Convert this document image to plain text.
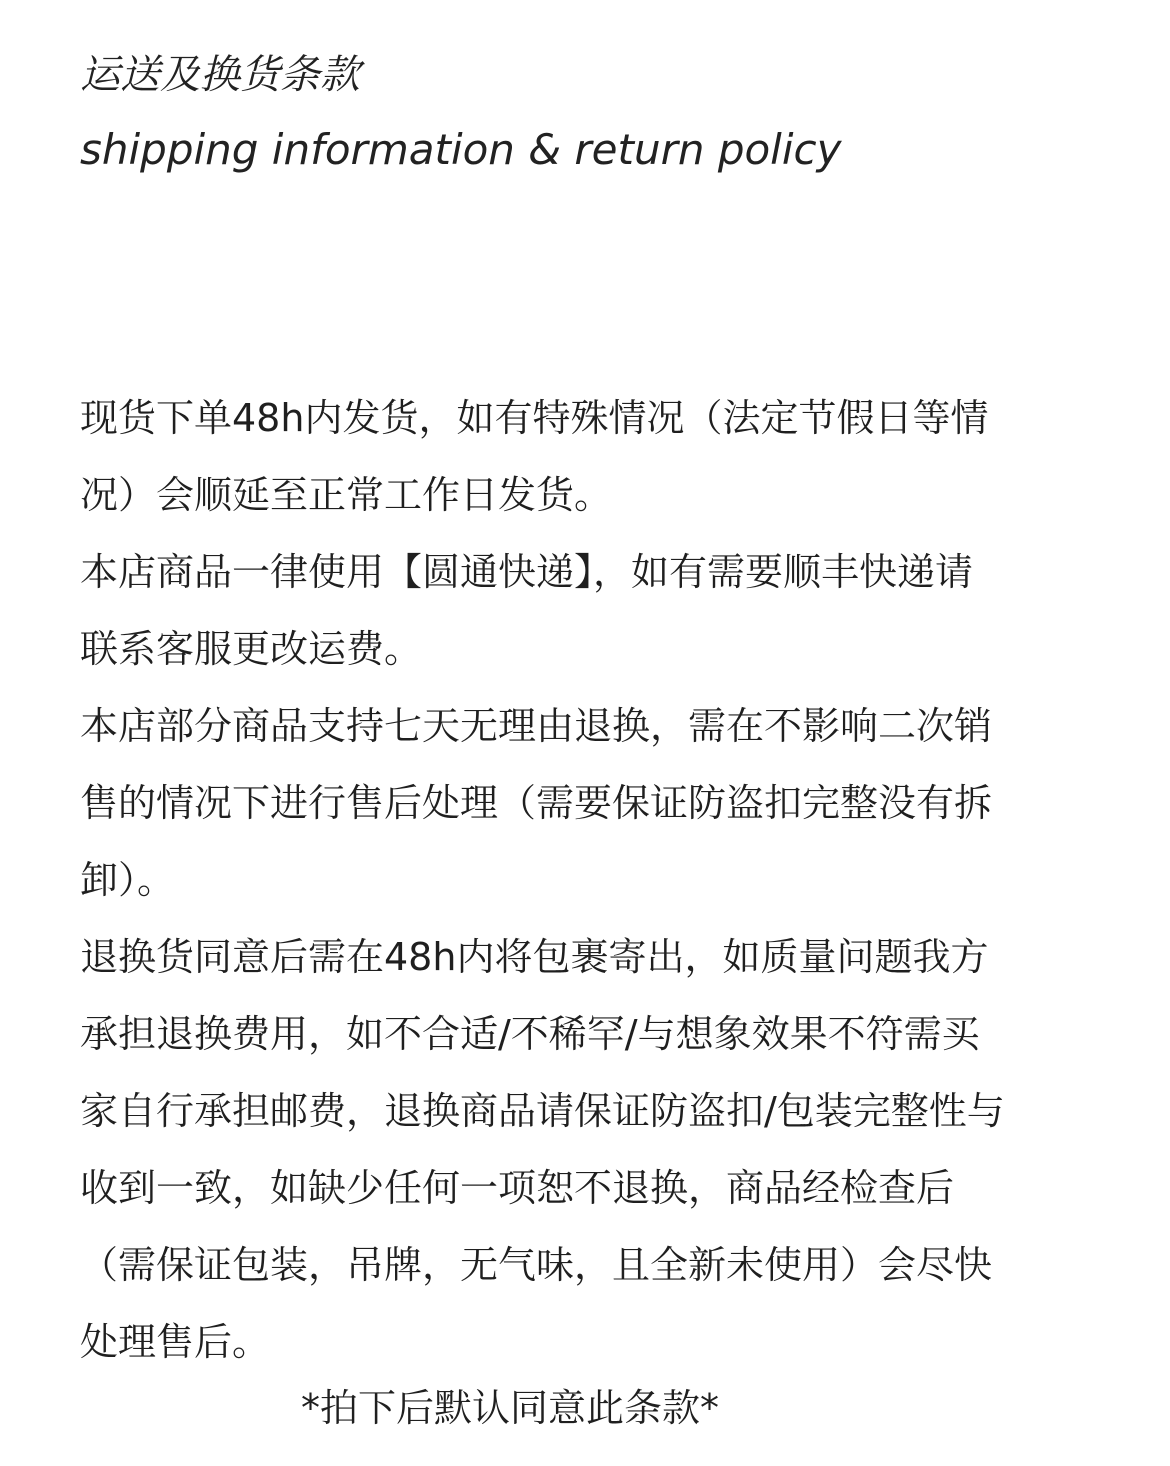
运送及换货条款
shipping information & return policy
现货下单48h内发货，如有特殊情况（法定节假日等情
况）会顺延至正常工作日发货。
本店商品一律使用【圆通快递】，如有需要顺丰快递请
联系客服更改运费。
本店部分商品支持七天无理由退换，需在不影响二次销
售的情况下进行售后处理（需要保证防盗扣完整没有拆
卸）。
退换货同意后需在48h内将包裹寄出，如质量问题我方
承担退换费用，如不合适/不稀罕/与想象效果不符需买
家自行承担邮费，退换商品请保证防盗扣/包装完整性与
收到一致，如缺少任何一项恕不退换，商品经检查后
（需保证包装，吊牌，无气味，且全新未使用）会尽快
处理售后。
*拍下后默认同意此条款*
